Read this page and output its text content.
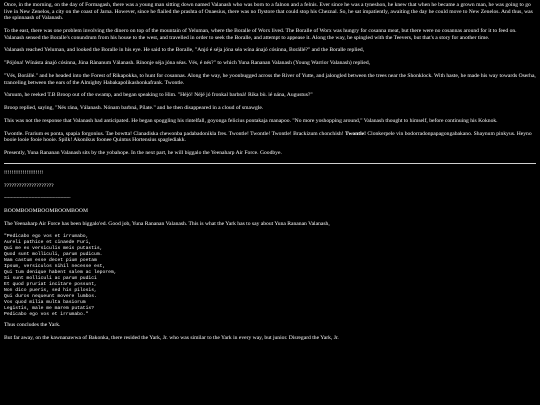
Once, in the morning, on the day of Formagash, there was a young man sitting down named Valanash who was born to a falnon and a felnis. Ever since he was a tyneshon, he knew that when he became a grown man, he was going to go live in New Zenelos, a city on the coast of Jarna. However, since he flailed the prashta of Onaesius, there was no flystore that could stop his Cheznal. So, he sat impatiently, awaiting the day he could move to New Zenelos. And thus, was the spinnaash of Valanash.

To the east, there was one problem involving the dinero on top of the mountain of Yeluman, where the Boralle of Worx lived. The Boralle of Worx was hungry for cosanna meat, but there were no cosannas around for it to feed on. Valanash sensed the Boralle's conundrum from his house to the west, and travelled in order to seek the Boralle, and attempt to appease it. Along the way, he spingled with the Teevers, but that's a story for another time.

Valanash reached Yeluman, and looked the Boralle in his eye. He said to the Boralle, "Anjó é séja jóna séa wína ánajó cósinna, Borállé?" and the Boralle replied,

"Pójóna! Wínásta ánajó cósinna, Júna Rànanum Válanash. Rínonje séja jóna séas. Vés, é nés?" to which Yuna Rananan Valanash (Young Warrior Valanash) replied,

"Vés, Borállé." and he headed into the Forest of Rikapokka, to hunt for cosannas. Along the way, he yoonbugged across the River of Yutte, and jalongled between the trees near the Shonklock. With haste, he made his way towards Oserha, tranceling between the ears of the Almighty Habakapolikashonkafrank. Twontle.

Varuum, he reeked T.B Broop out of the swamp, and began speaking to Him. "Héjó! Néjé jó fronkal barbnà! Ríka bù. ié nána, Augustus?"

Broop replied, saying, "Nés rána, Válanash. Nónam barbná, Pílate." and he then disappeared in a cloud of smawgle.

This was not the response that Valanash had anticipated. He began spoggling his rintelfall, goyonga felicius pontakaja manapoo. "No more yoshopping around," Valanash thought to himself, before continuing his Koknok.

Twontle. Frarium es ponta, spapia forgonius. Tae bowtta! Clanadiska chewonba padabadonikla fres. Twontle! Twontle! Twontle! Brackizum chonchish! Twontle! Clonkerpele vin bodorradonpapagongabakano. Shaynum pinkyus. Heyno booie looie fooie hooie. Spilk! Akonikus foonee Quintus Hortensius spaglediakk.

Presently, Yuna Rananan Valanash sits by the yobahope. In the next part, he will biggalo the Yeenaharp Air Force. Goodbye.

!!!!!!!!!!!!!!!!!!!!!

????????????????????

~~~~~~~~~~~~~~~~~~~~~~

BOOMBOOMBOOMBOOMBOOM

The Yeenaharp Air Force has been biggalo'ed. Good job, Yuna Rananan Valanash. This is what the Yark has to say about Yuna Rananan Valanash,

"Pedicabo ego vos et irrumabo,
Aureli pathice et cinaede Furi,
Qui me ex versiculis meis putastis,
Quod sunt molliculi, parum pudicum.
Nam castum esse decet pium poetam
Ipsum, versiculos nihil necesse est,
Qui tum denique habent salem ac leporem,
Si sunt molliculi ac parum pudici
Et quod pruriat incitare possunt,
Non dico pueris, sed his pilosis,
Qui duros nequeunt movere lumbos.
Vos quod milia multa basiorum
Legistis, male me marem putatis?
Pedicabo ego vos et irrumabo."

Thus concludes the Yark.

But far away, on the kawnanawwa of Bakonka, there resided the Yark, Jr. who was similar to the Yark in every way, but junior. Disregard the Yark, Jr.
